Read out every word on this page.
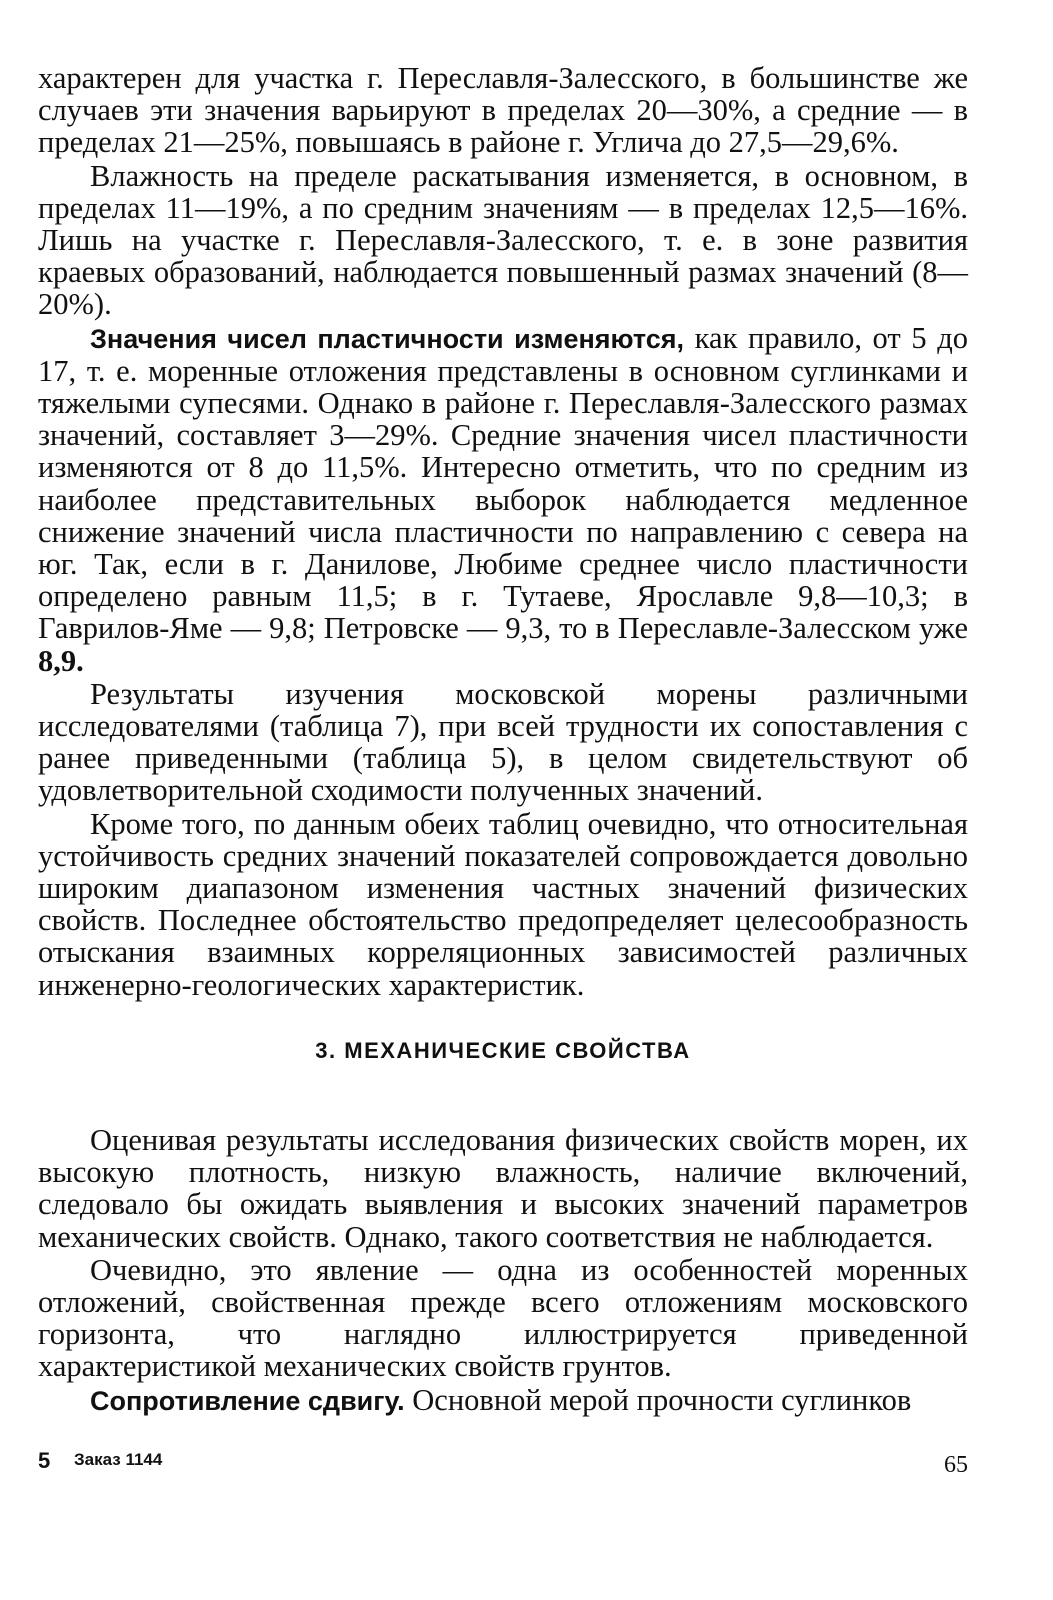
характерен для участка г. Переславля-Залесского, в большинстве же случаев эти значения варьируют в пределах 20—30%, а средние — в пределах 21—25%, повышаясь в районе г. Углича до 27,5—29,6%.

Влажность на пределе раскатывания изменяется, в основном, в пределах 11—19%, а по средним значениям — в пределах 12,5—16%. Лишь на участке г. Переславля-Залесского, т. е. в зоне развития краевых образований, наблюдается повышенный размах значений (8—20%).

Значения чисел пластичности изменяются, как правило, от 5 до 17, т. е. моренные отложения представлены в основном суглинками и тяжелыми супесями. Однако в районе г. Переславля-Залесского размах значений, составляет 3—29%. Средние значения чисел пластичности изменяются от 8 до 11,5%. Интересно отметить, что по средним из наиболее представительных выборок наблюдается медленное снижение значений числа пластичности по направлению с севера на юг. Так, если в г. Данилове, Любиме среднее число пластичности определено равным 11,5; в г. Тутаеве, Ярославле 9,8—10,3; в Гаврилов-Яме — 9,8; Петровске — 9,3, то в Переславле-Залесском уже 8,9.

Результаты изучения московской морены различными исследователями (таблица 7), при всей трудности их сопоставления с ранее приведенными (таблица 5), в целом свидетельствуют об удовлетворительной сходимости полученных значений.

Кроме того, по данным обеих таблиц очевидно, что относительная устойчивость средних значений показателей сопровождается довольно широким диапазоном изменения частных значений физических свойств. Последнее обстоятельство предопределяет целесообразность отыскания взаимных корреляционных зависимостей различных инженерно-геологических характеристик.

3. МЕХАНИЧЕСКИЕ СВОЙСТВА

Оценивая результаты исследования физических свойств морен, их высокую плотность, низкую влажность, наличие включений, следовало бы ожидать выявления и высоких значений параметров механических свойств. Однако, такого соответствия не наблюдается.

Очевидно, это явление — одна из особенностей моренных отложений, свойственная прежде всего отложениям московского горизонта, что наглядно иллюстрируется приведенной характеристикой механических свойств грунтов.

Сопротивление сдвигу. Основной мерой прочности суглинков

5 Заказ 1144	65
